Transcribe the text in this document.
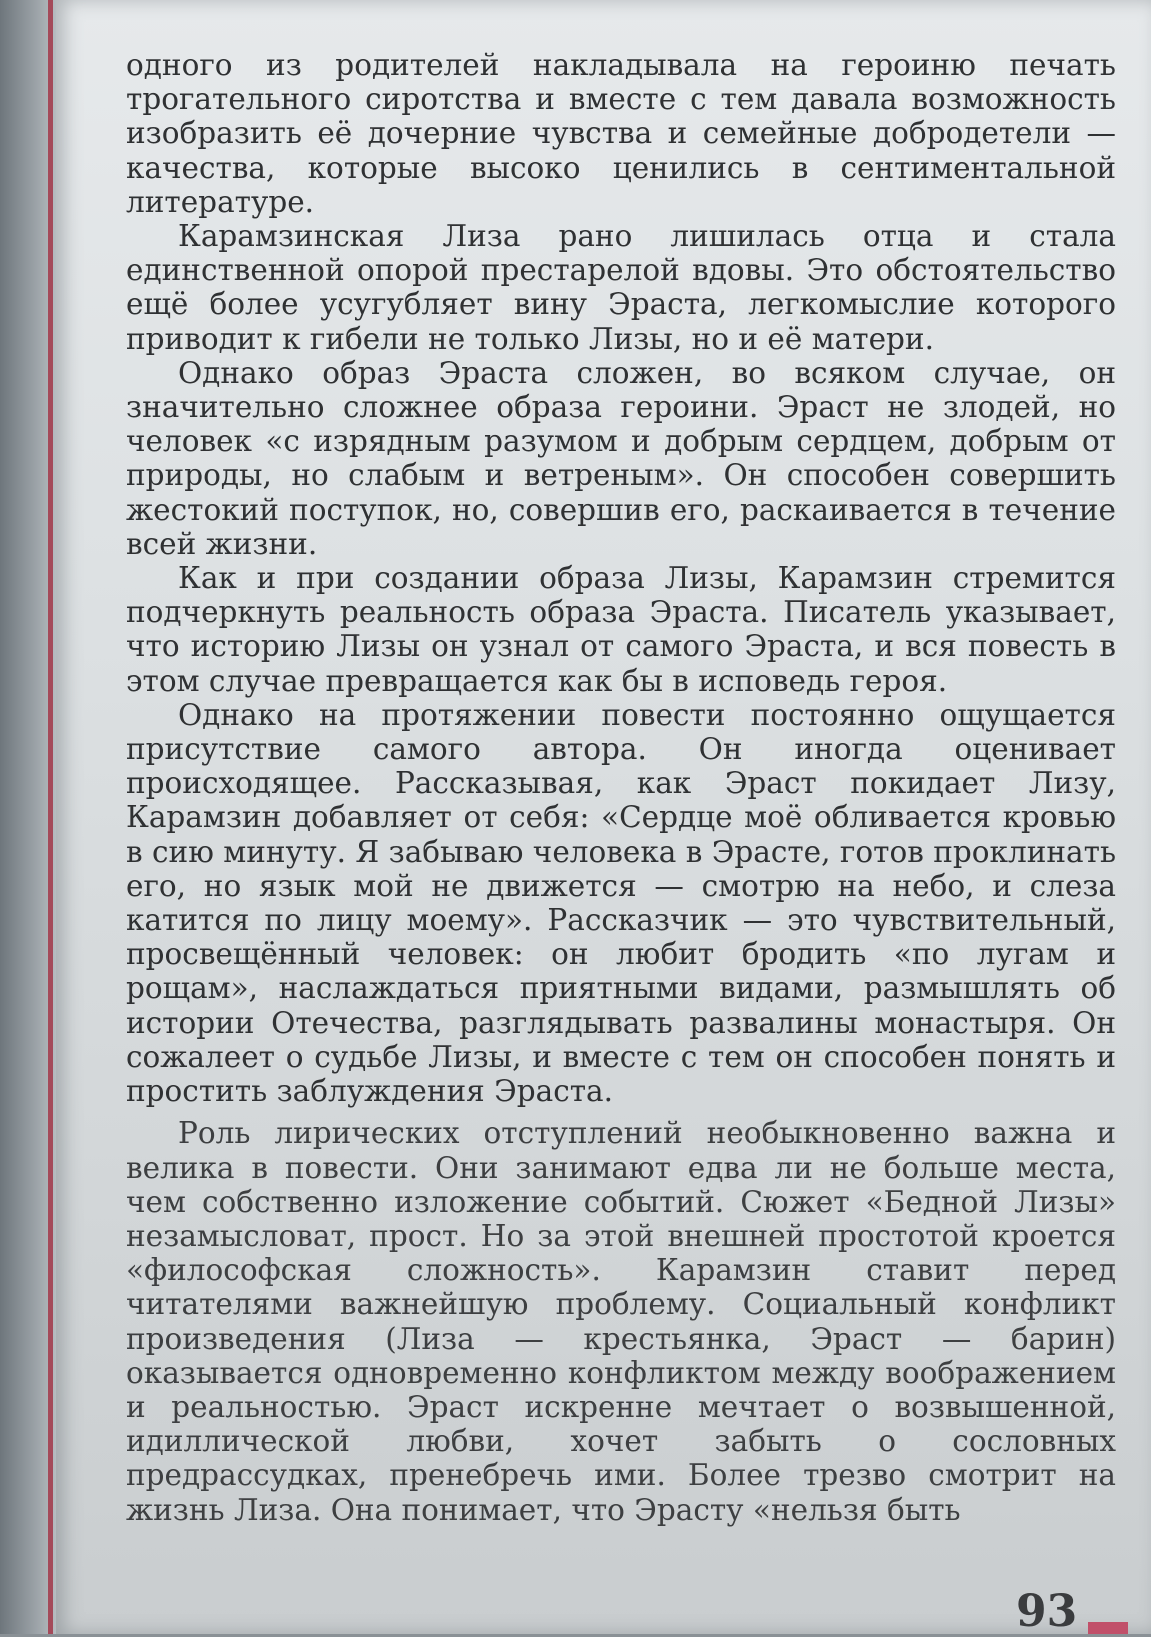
одного из родителей накладывала на героиню печать трогательного сиротства и вместе с тем давала возможность изобразить её дочерние чувства и семейные добродетели — качества, которые высоко ценились в сентиментальной литературе.

Карамзинская Лиза рано лишилась отца и стала единственной опорой престарелой вдовы. Это обстоятельство ещё более усугубляет вину Эраста, легкомыслие которого приводит к гибели не только Лизы, но и её матери.

Однако образ Эраста сложен, во всяком случае, он значительно сложнее образа героини. Эраст не злодей, но человек «с изрядным разумом и добрым сердцем, добрым от природы, но слабым и ветреным». Он способен совершить жестокий поступок, но, совершив его, раскаивается в течение всей жизни.

Как и при создании образа Лизы, Карамзин стремится подчеркнуть реальность образа Эраста. Писатель указывает, что историю Лизы он узнал от самого Эраста, и вся повесть в этом случае превращается как бы в исповедь героя.

Однако на протяжении повести постоянно ощущается присутствие самого автора. Он иногда оценивает происходящее. Рассказывая, как Эраст покидает Лизу, Карамзин добавляет от себя: «Сердце моё обливается кровью в сию минуту. Я забываю человека в Эрасте, готов проклинать его, но язык мой не движется — смотрю на небо, и слеза катится по лицу моему». Рассказчик — это чувствительный, просвещённый человек: он любит бродить «по лугам и рощам», наслаждаться приятными видами, размышлять об истории Отечества, разглядывать развалины монастыря. Он сожалеет о судьбе Лизы, и вместе с тем он способен понять и простить заблуждения Эраста.

Роль лирических отступлений необыкновенно важна и велика в повести. Они занимают едва ли не больше места, чем собственно изложение событий. Сюжет «Бедной Лизы» незамысловат, прост. Но за этой внешней простотой кроется «философская сложность». Карамзин ставит перед читателями важнейшую проблему. Социальный конфликт произведения (Лиза — крестьянка, Эраст — барин) оказывается одновременно конфликтом между воображением и реальностью. Эраст искренне мечтает о возвышенной, идиллической любви, хочет забыть о сословных предрассудках, пренебречь ими. Более трезво смотрит на жизнь Лиза. Она понимает, что Эрасту «нельзя быть

93
